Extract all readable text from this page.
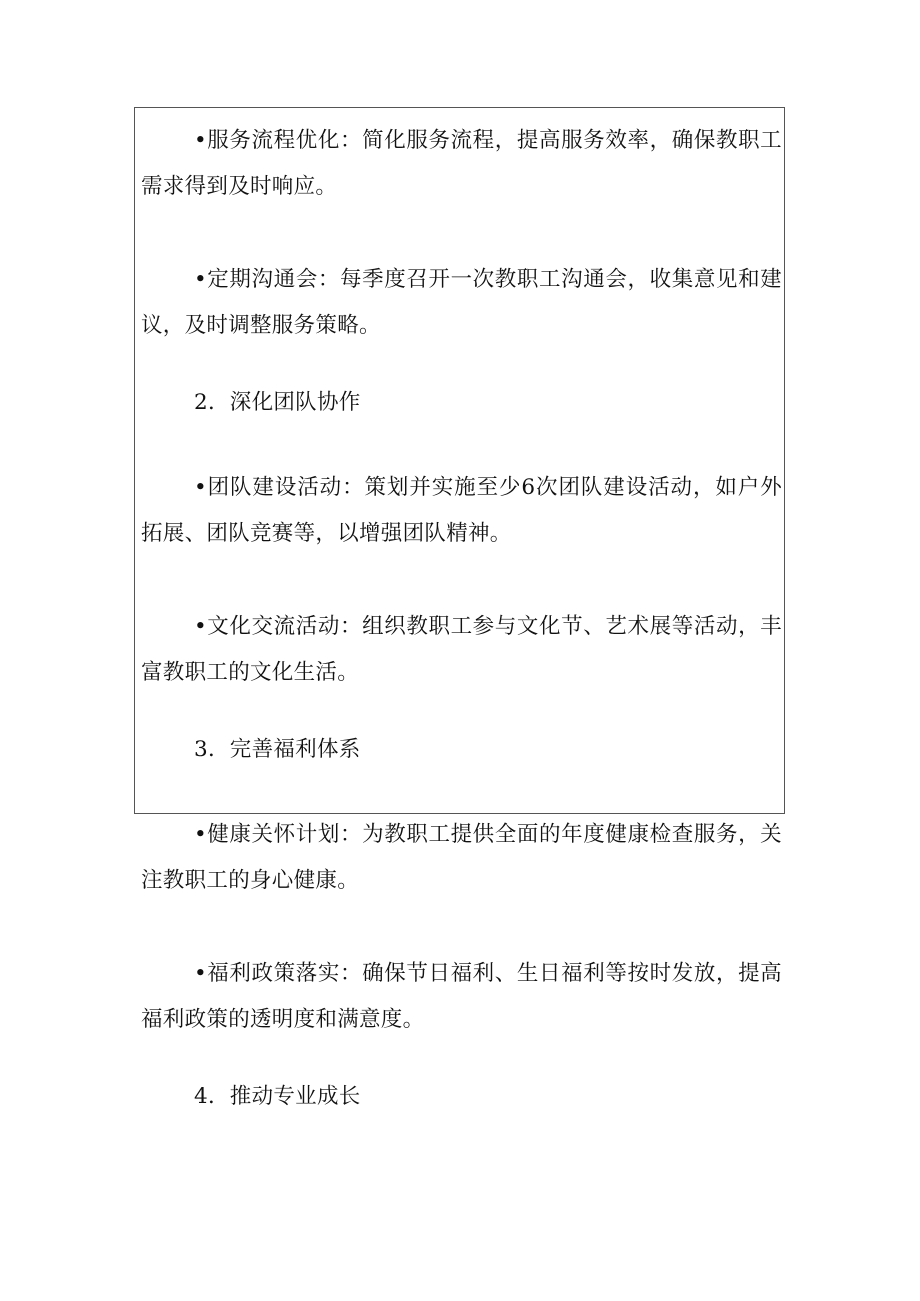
•服务流程优化：简化服务流程，提高服务效率，确保教职工需求得到及时响应。
•定期沟通会：每季度召开一次教职工沟通会，收集意见和建议，及时调整服务策略。
2．深化团队协作
•团队建设活动：策划并实施至少6次团队建设活动，如户外拓展、团队竞赛等，以增强团队精神。
•文化交流活动：组织教职工参与文化节、艺术展等活动，丰富教职工的文化生活。
3．完善福利体系
•健康关怀计划：为教职工提供全面的年度健康检查服务，关注教职工的身心健康。
•福利政策落实：确保节日福利、生日福利等按时发放，提高福利政策的透明度和满意度。
4．推动专业成长
